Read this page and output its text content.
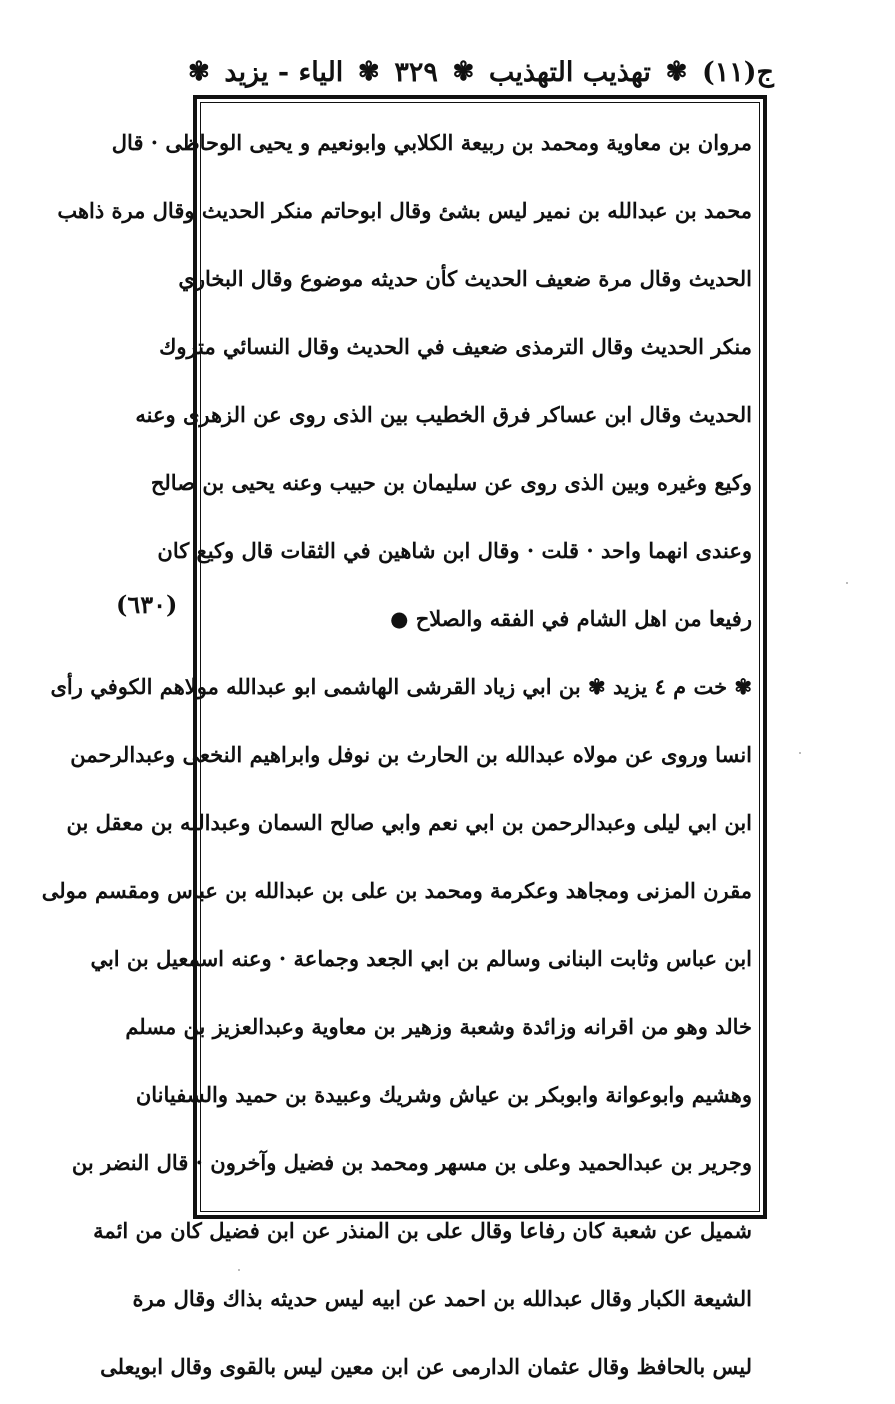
✾ الياء - يزيد ✾ ٣٢٩ ✾ تهذيب التهذيب ✾ ج(١١)
(٦٣٠)
مروان بن معاوية ومحمد بن ربيعة الكلابي وابونعيم و يحيى الوحاظى · قال
محمد بن عبدالله بن نمير ليس بشئ وقال ابوحاتم منكر الحديث وقال مرة ذاهب
الحديث وقال مرة ضعيف الحديث كأن حديثه موضوع وقال البخاري
منكر الحديث وقال الترمذى ضعيف في الحديث وقال النسائي متروك
الحديث وقال ابن عساكر فرق الخطيب بين الذى روى عن الزهرى وعنه
وكيع وغيره وبين الذى روى عن سليمان بن حبيب وعنه يحيى بن صالح
وعندى انهما واحد · قلت · وقال ابن شاهين في الثقات قال وكيع كان
رفيعا من اهل الشام في الفقه والصلاح ●
✾ خت م ٤ يزيد ✾ بن ابي زياد القرشى الهاشمى ابو عبدالله مولاهم الكوفي رأى
انسا وروى عن مولاه عبدالله بن الحارث بن نوفل وابراهيم النخعى وعبدالرحمن
ابن ابي ليلى وعبدالرحمن بن ابي نعم وابي صالح السمان وعبدالله بن معقل بن
مقرن المزنى ومجاهد وعكرمة ومحمد بن على بن عبدالله بن عباس ومقسم مولى
ابن عباس وثابت البنانى وسالم بن ابي الجعد وجماعة · وعنه اسمعيل بن ابي
خالد وهو من اقرانه وزائدة وشعبة وزهير بن معاوية وعبدالعزيز بن مسلم
وهشيم وابوعوانة وابوبكر بن عياش وشريك وعبيدة بن حميد والسفيانان
وجرير بن عبدالحميد وعلى بن مسهر ومحمد بن فضيل وآخرون · قال النضر بن
شميل عن شعبة كان رفاعا وقال على بن المنذر عن ابن فضيل كان من ائمة
الشيعة الكبار وقال عبدالله بن احمد عن ابيه ليس حديثه بذاك وقال مرة
ليس بالحافظ وقال عثمان الدارمى عن ابن معين ليس بالقوى وقال ابويعلى
